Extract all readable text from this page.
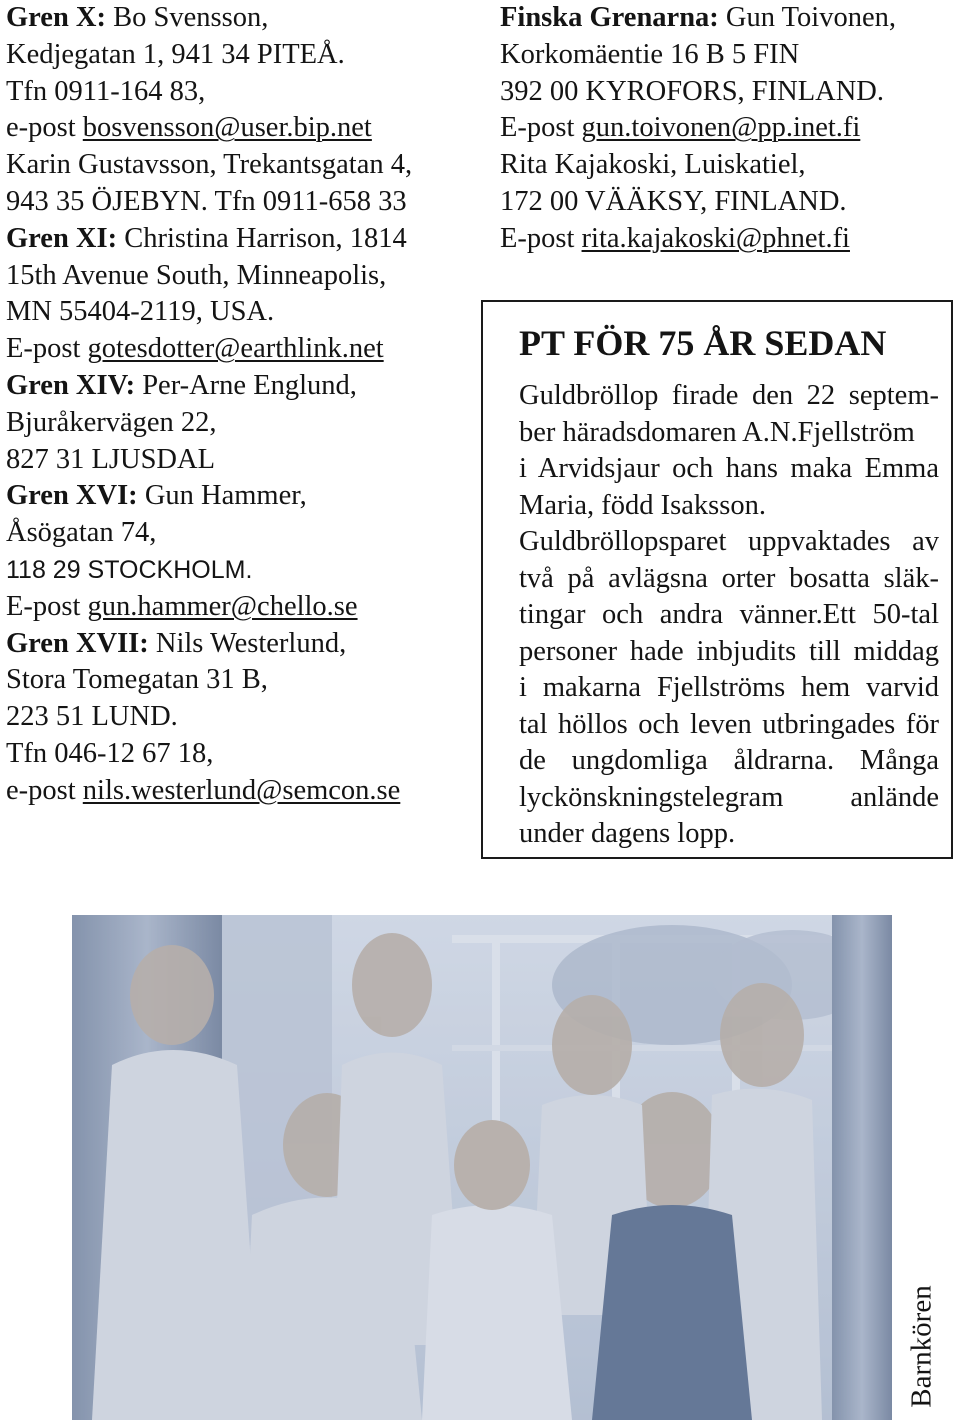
Gren X: Bo Svensson,
Kedjegatan 1, 941 34 PITEÅ.
Tfn 0911-164 83,
e-post bosvensson@user.bip.net
Karin Gustavsson, Trekantsgatan 4,
943 35 ÖJEBYN. Tfn 0911-658 33
Gren XI: Christina Harrison, 1814
15th Avenue South, Minneapolis,
MN 55404-2119, USA.
E-post gotesdotter@earthlink.net
Gren XIV: Per-Arne Englund,
Bjuråkervägen 22,
827 31 LJUSDAL
Gren XVI: Gun Hammer,
Åsögatan 74,
118 29 STOCKHOLM.
E-post gun.hammer@chello.se
Gren XVII: Nils Westerlund,
Stora Tomegatan 31 B,
223 51 LUND.
Tfn 046-12 67 18,
e-post nils.westerlund@semcon.se
Finska Grenarna: Gun Toivonen,
Korkomäentie 16 B 5 FIN
392 00 KYROFORS, FINLAND.
E-post gun.toivonen@pp.inet.fi
Rita Kajakoski, Luiskatiel,
172 00 VÄÄKSY, FINLAND.
E-post rita.kajakoski@phnet.fi
PT FÖR 75 ÅR SEDAN
Guldbröllop firade den 22 septem-
ber häradsdomaren A.N.Fjellström
i Arvidsjaur och hans maka Emma
Maria, född Isaksson.
Guldbröllopsparet uppvaktades av
två på avlägsna orter bosatta släk-
tingar och andra vänner.Ett 50-tal
personer hade inbjudits till middag
i makarna Fjellströms hem varvid
tal höllos och leven utbringades för
de ungdomliga åldrarna. Många
lyckönskningstelegram anlände
under dagens lopp.
Barnkören
